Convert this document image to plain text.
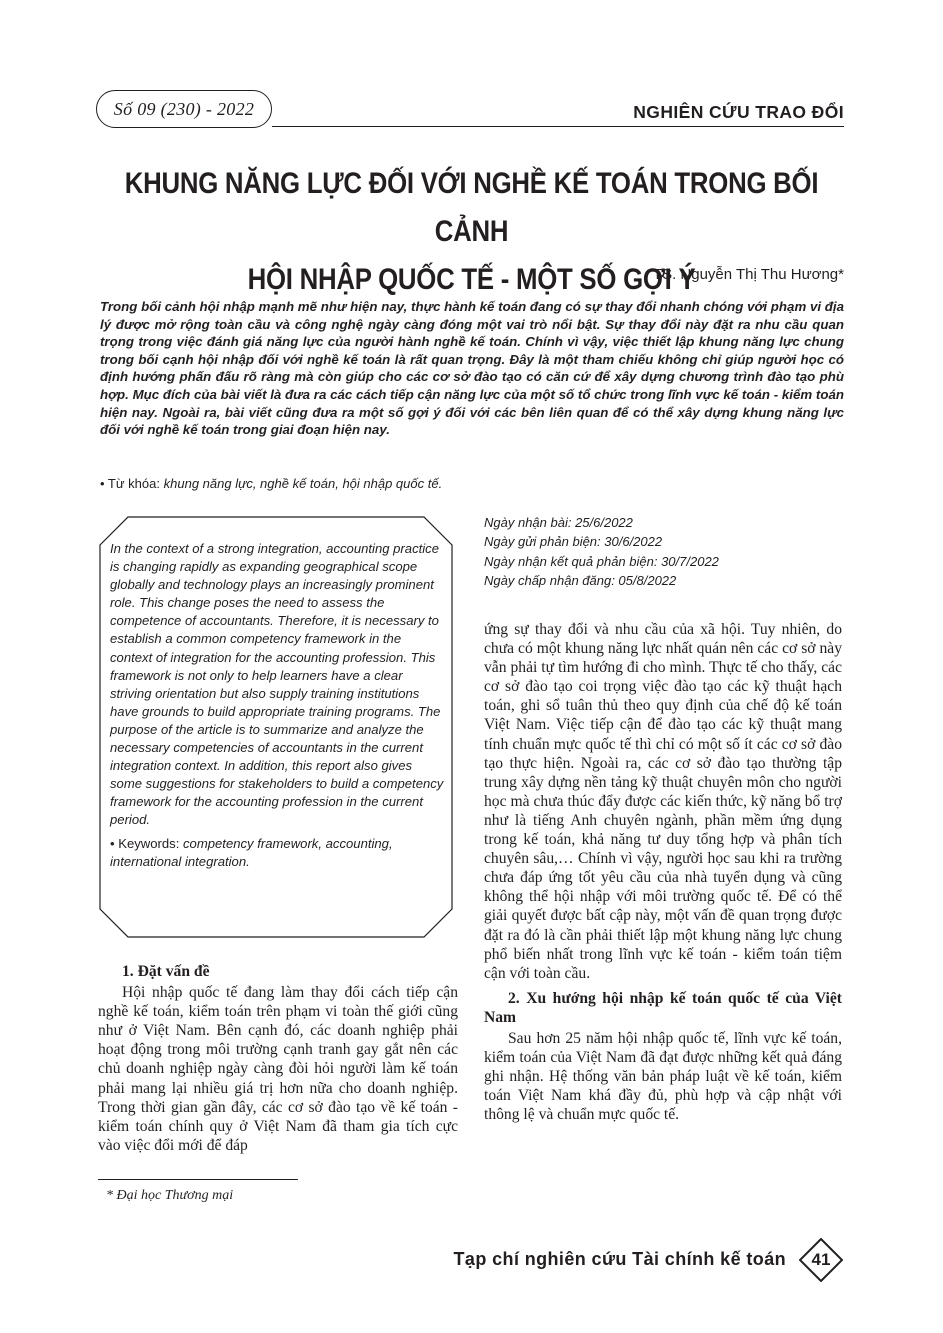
Số 09 (230) - 2022	NGHIÊN CỨU TRAO ĐỔI
KHUNG NĂNG LỰC ĐỐI VỚI NGHỀ KẾ TOÁN TRONG BỐI CẢNH
HỘI NHẬP QUỐC TẾ - MỘT SỐ GỢI Ý
TS. Nguyễn Thị Thu Hương*
Trong bối cảnh hội nhập mạnh mẽ như hiện nay, thực hành kế toán đang có sự thay đổi nhanh chóng với phạm vi địa lý được mở rộng toàn cầu và công nghệ ngày càng đóng một vai trò nổi bật. Sự thay đổi này đặt ra nhu cầu quan trọng trong việc đánh giá năng lực của người hành nghề kế toán. Chính vì vậy, việc thiết lập khung năng lực chung trong bối cạnh hội nhập đối với nghề kế toán là rất quan trọng. Đây là một tham chiếu không chỉ giúp người học có định hướng phấn đấu rõ ràng mà còn giúp cho các cơ sở đào tạo có căn cứ để xây dựng chương trình đào tạo phù hợp. Mục đích của bài viết là đưa ra các cách tiếp cận năng lực của một số tổ chức trong lĩnh vực kế toán - kiểm toán hiện nay. Ngoài ra, bài viết cũng đưa ra một số gợi ý đối với các bên liên quan để có thể xây dựng khung năng lực đối với nghề kế toán trong giai đoạn hiện nay.
• Từ khóa: khung năng lực, nghề kế toán, hội nhập quốc tế.

In the context of a strong integration, accounting practice is changing rapidly as expanding geographical scope globally and technology plays an increasingly prominent role. This change poses the need to assess the competence of accountants. Therefore, it is necessary to establish a common competency framework in the context of integration for the accounting profession. This framework is not only to help learners have a clear striving orientation but also supply training institutions have grounds to build appropriate training programs. The purpose of the article is to summarize and analyze the necessary competencies of accountants in the current integration context. In addition, this report also gives some suggestions for stakeholders to build a competency framework for the accounting profession in the current period.

• Keywords: competency framework, accounting, international integration.

Ngày nhận bài: 25/6/2022
Ngày gửi phản biện: 30/6/2022
Ngày nhận kết quả phản biện: 30/7/2022
Ngày chấp nhận đăng: 05/8/2022

1. Đặt vấn đề

Hội nhập quốc tế đang làm thay đổi cách tiếp cận nghề kế toán, kiểm toán trên phạm vi toàn thế giới cũng như ở Việt Nam. Bên cạnh đó, các doanh nghiệp phải hoạt động trong môi trường cạnh tranh gay gắt nên các chủ doanh nghiệp ngày càng đòi hỏi người làm kế toán phải mang lại nhiều giá trị hơn nữa cho doanh nghiệp. Trong thời gian gần đây, các cơ sở đào tạo về kế toán - kiểm toán chính quy ở Việt Nam đã tham gia tích cực vào việc đổi mới để đáp

ứng sự thay đổi và nhu cầu của xã hội. Tuy nhiên, do chưa có một khung năng lực nhất quán nên các cơ sở này vẫn phải tự tìm hướng đi cho mình. Thực tế cho thấy, các cơ sở đào tạo coi trọng việc đào tạo các kỹ thuật hạch toán, ghi sổ tuân thủ theo quy định của chế độ kế toán Việt Nam. Việc tiếp cận để đào tạo các kỹ thuật mang tính chuẩn mực quốc tế thì chỉ có một số ít các cơ sở đào tạo thực hiện. Ngoài ra, các cơ sở đào tạo thường tập trung xây dựng nền tảng kỹ thuật chuyên môn cho người học mà chưa thúc đẩy được các kiến thức, kỹ năng bổ trợ như là tiếng Anh chuyên ngành, phần mềm ứng dụng trong kế toán, khả năng tư duy tổng hợp và phân tích chuyên sâu,… Chính vì vậy, người học sau khi ra trường chưa đáp ứng tốt yêu cầu của nhà tuyển dụng và cũng không thể hội nhập với môi trường quốc tế. Để có thể giải quyết được bất cập này, một vấn đề quan trọng được đặt ra đó là cần phải thiết lập một khung năng lực chung phổ biến nhất trong lĩnh vực kế toán - kiểm toán tiệm cận với toàn cầu.

2. Xu hướng hội nhập kế toán quốc tế của Việt Nam

Sau hơn 25 năm hội nhập quốc tế, lĩnh vực kế toán, kiểm toán của Việt Nam đã đạt được những kết quả đáng ghi nhận. Hệ thống văn bản pháp luật về kế toán, kiểm toán Việt Nam khá đầy đủ, phù hợp và cập nhật với thông lệ và chuẩn mực quốc tế.

* Đại học Thương mại
Tạp chí nghiên cứu Tài chính kế toán	41
